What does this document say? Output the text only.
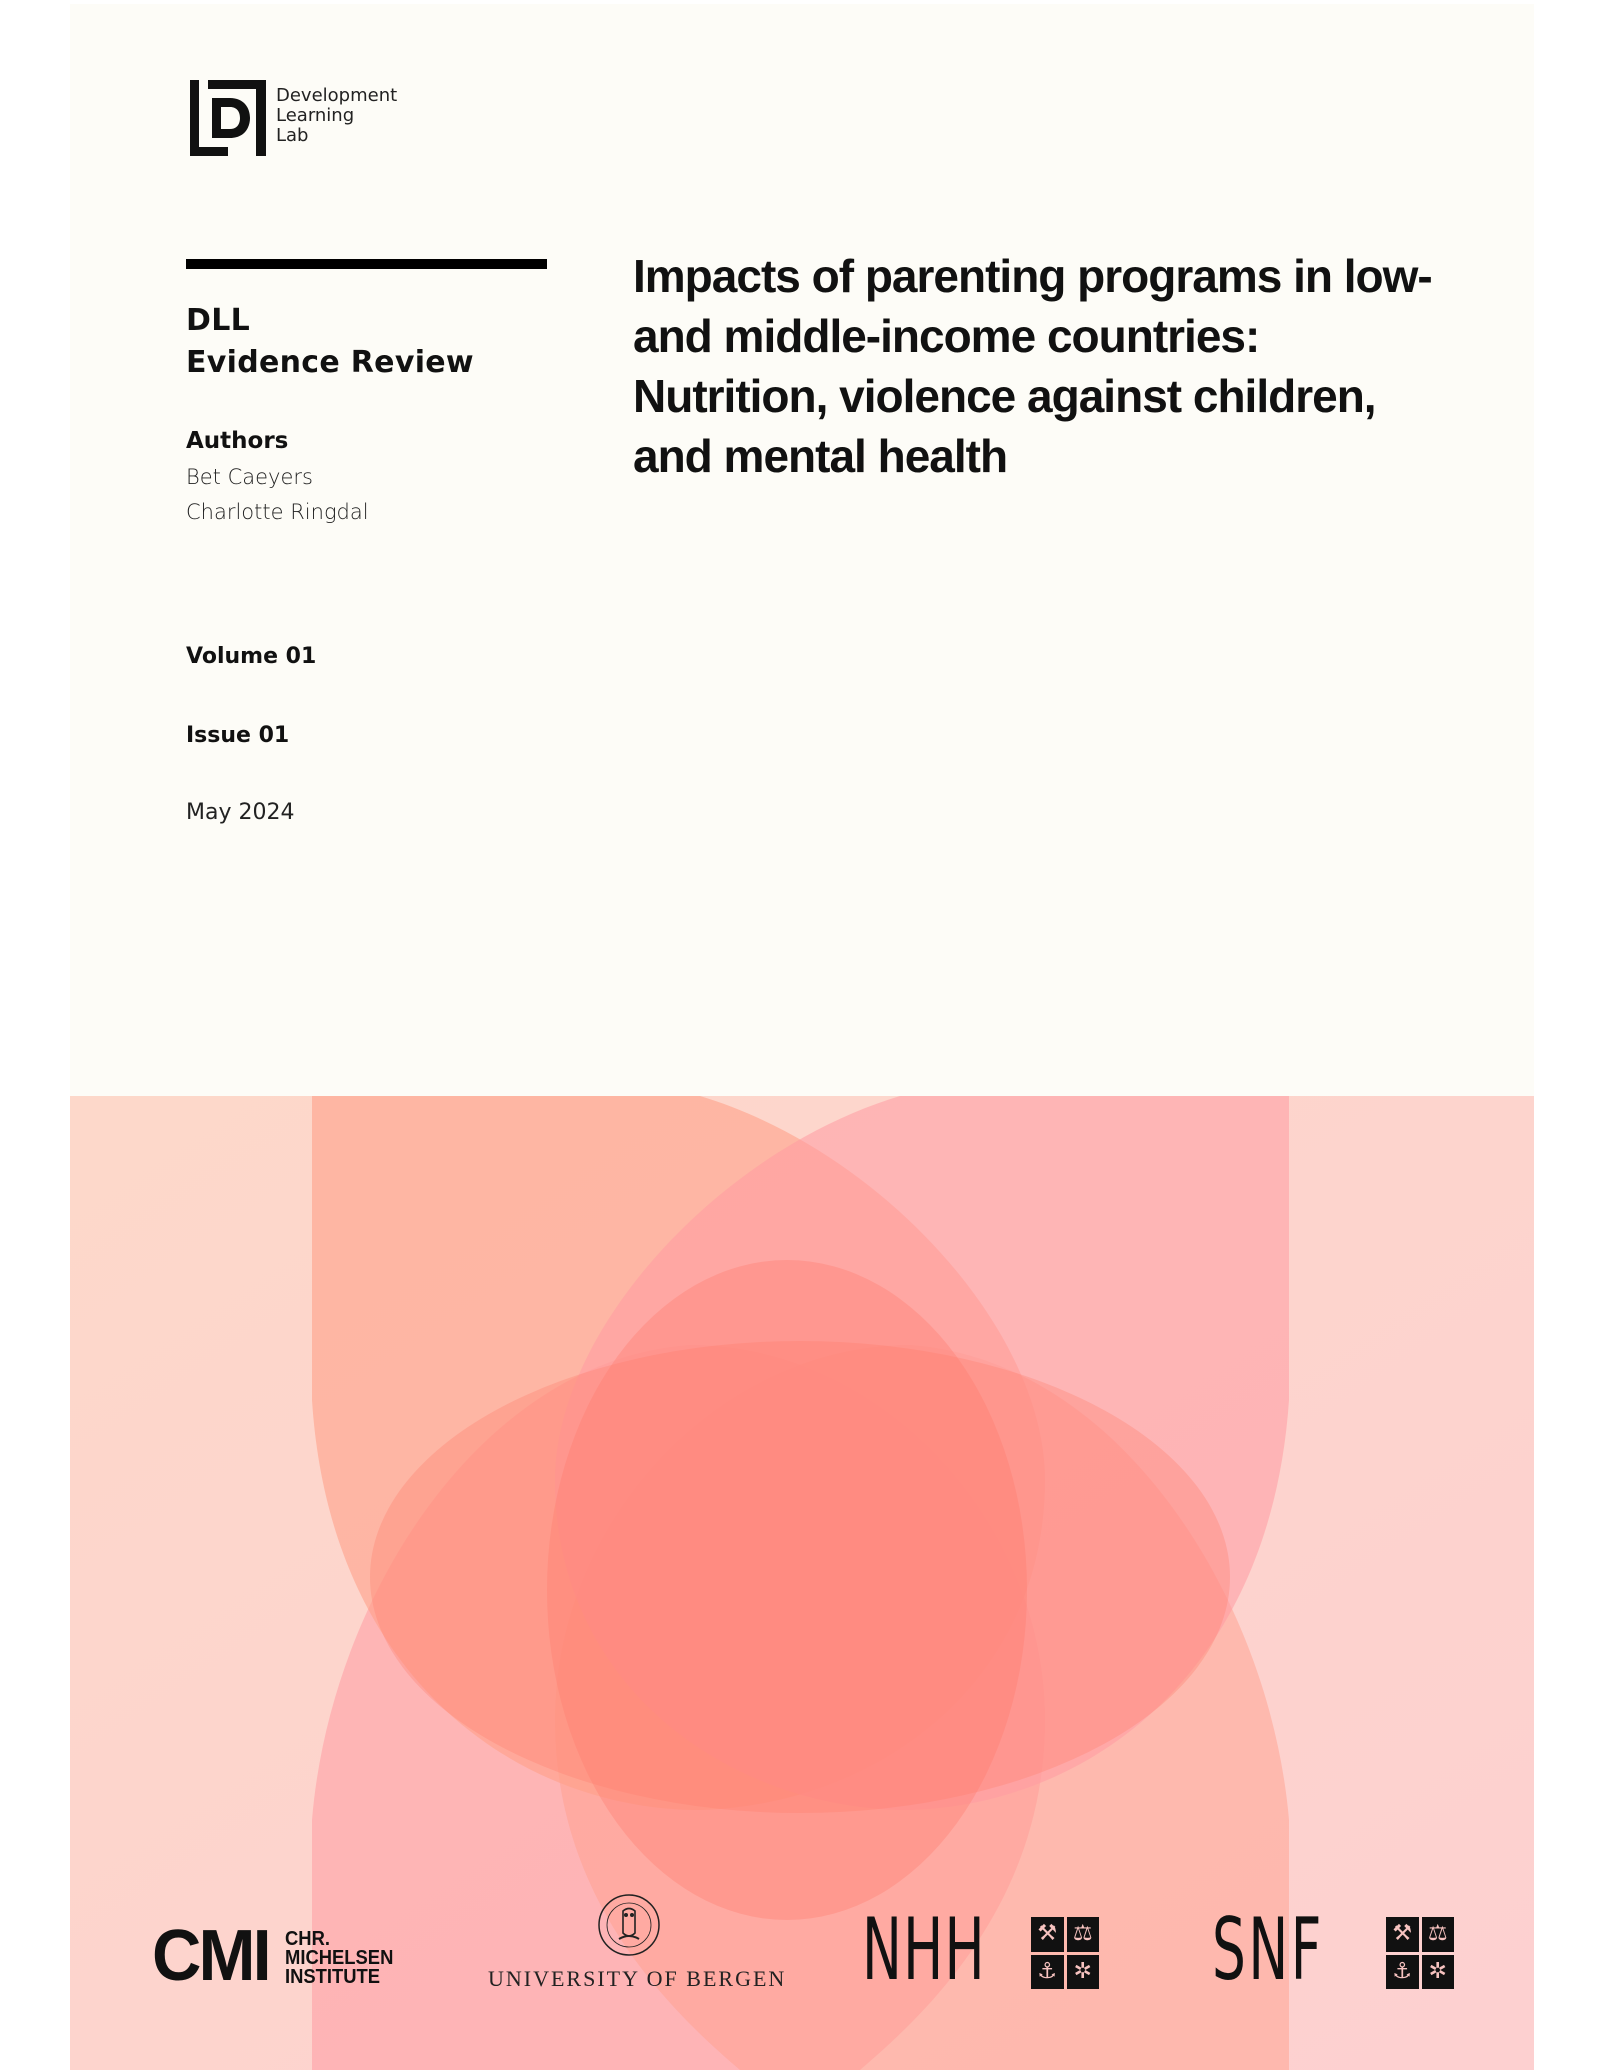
Development
Learning
Lab
DLL
Evidence Review
Authors
Bet Caeyers
Charlotte Ringdal
Volume 01
Issue 01
May 2024
Impacts of parenting programs in low- and middle-income countries: Nutrition, violence against children, and mental health
CMI CHR.
MICHELSEN
INSTITUTE	UNIVERSITY OF BERGEN NHH ⚒ ⚖
⚓ ✲ SNF	⚒ ⚖
⚓ ✲
